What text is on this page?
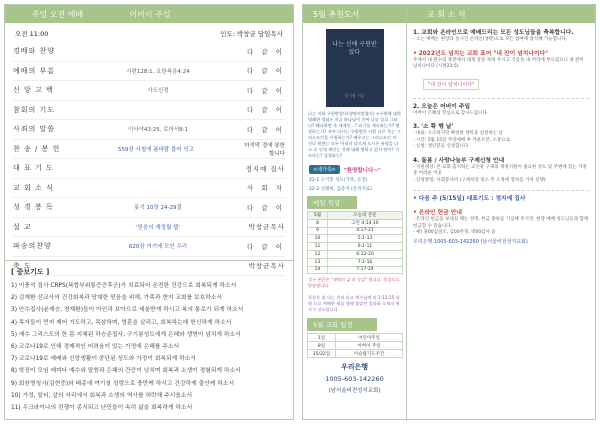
주일 오전 예배	어버이 주일
오전 11:00	인도: 박창균 담임목사
경배와 찬양	다 같 이
예배의 부름	시편128:1, 요한복음4:24	다 같 이
신 앙 고 백	사도신경	다 같 이
참회의 기도	다 같 이
사죄의 말씀	이사야43:25, 로마서8:1	다 같 이
찬 송 / 봉 헌	559장 사철에 봄바람 불어 잇고
마지막 절에 봉헌합니다
대 표 기 도	정지예 집사
교 회 소 식	사 회 자
성 경 봉 독	룻기 10장 24-29절	다 같 이
설 교	'믿음의 계정월 웹'	박창균목사
파송의찬양	620장 여기에 모인 우리	다 같 이
축 도	박창균목사
[ 중보기도 ]
1) 이충석 집사 CRPS(복합부위통증증후군)가 치료되어 온전한 건강으로 회복되게 하소서
2) 김재환 선교사의 건강회복과 당대한 믿음을 위해, 가족과 현지 교회를 보호하소서
3) 안수집사(윤재승, 정재환)들이 아인과 보아으로 세울받게 하시고 복의 통로가 되게 하소서
4) 목자들이 먼저 제어 기도하고, 목삼하며, 영혼을 살리고, 회복하는데 헌신하게 하소서
5) 예수 그리스도의 한 몸 지체된 하승준집사, 구기봉성도에게 은혜와 생명이 넘치게 하소서
6) 코로나19로 인해 경제적인 어려움이 있는 가정에 은혜를 주소서
7) 코로나19로 예배와 신앙생활이 중단된 성도와 가정이 회복되게 하소서
8) 학장이 모임 매미다 예수와 말씀과 은혜의 간증이 넘치며 회복과 소생이 경험되게 하소서
9) 회원명칭사(김현중)와 태종에 여기셜 성령으로 충만케 하시고 건강하게 출산케 하소서
10) 가정, 일터, 살의 자리에서 회복과 소생의 역사를 허락해 주시옵소서
11) 우크라이나의 전쟁이 종식되고 난민들이 속히 삶을 회복하게 하소서
5월 추천도서
나는 신에 구원받았다
송기영 지음
나는 지와 구원받았다(생명의말씀사) <구원에 대한 명쾌한 정리> 지금 하나님이 진짜 나를 실로 그러나? 왜냐하면 주 제게인...? 죄기를 계속하는가? 명상하는가? 자주 다시는 구원받은 사람 다은 죽는 그리스도인을 시원하는가? 배우고는 그리스도인 이 신다 원받는 모든 아내의 다르게 도시온 유형을 다스 로 인데 깨닫는 것에 대해 명하고 있지 받아? 기르다는? 성경하는?
<새가족>	"환영합니다~"
22-1 구기봉 성도(가족, 유진)
22-2 신태희, 김준지 (온리지로)
매일 묵상
5월	오늘의 본문
8	고린 4:14-16
9	4:17-21
10	5:1-13
11	6:1-11
12	6:12-20
13	7:1-16
14	7:17-24
성구 본문은 "생명의 삶 과 동일" 합니다. 묵상으로 방장합니다.
묵상은 잠 되는 진리 되고 예수님께 더 1:11:15 낙원 으로 예배한 제를 향해 쫓았던 결과와 소생의 역사가 선포합니다.
5월 교회 일정
1일	어린이주일
8일	어버이 주일
15/22일	이슬람기도주간
우리은행
1005-603-142260
(남서울비전성지교회)
교 회 소 식
1. 교회와 온라인으로 예배드리는 모든 성도님들을 축복합니다.
- 오는 예배는 현장과 실시간 온라인(생방)으로 모든 참여에 참석해 가능합니다.
• 2022년도 넘치는 교회 표어 "내 잔이 넘치나이다"
주께서 내 원수의 목전에서 내게 상을 차려 주시고 기름을 내 머리에 부으셨으니 내 잔이 넘치나이다 (시편23:5)
"내 잔이 넘치나이다"
2. 오늘은 어버이 주일
어버이 은혜의 진심으로 감사드립니다.
3. '소 확 행 날'
- 내용: 소소하지만 확실한 행복을 실천하는 날
- 시간: 5월 15일 주일예배 후 카운트본, 소통으로
- 신청: 청년분들 신청합니다
4. 돌봄 / 사랑나눔부 구제신청 안내
- 지원대상: 본 교회 출석하는 교인중 구제의 재정지원이 필요한 성도 및 주변에 있는 가정 중 어려운 이웃
- 신청방법: 사회봉사비 (구제처장 정소 추 소정에 절차를 거쳐 실행)
• 다음 주 (5/15일) 대표기도 : 정지예 집사
• 온라인 헌금 안내
- 온라인 헌금을 보내실 때는 성명, 헌금 종류를 기입해 주시면, 현장 예배 성도님들과 함께 헌금할 수 있습니다.
- 예) 홍00십일조, 김00주정, 박00감사 등
우리은행 1005-603-142260 (남서울비전성지교회)
